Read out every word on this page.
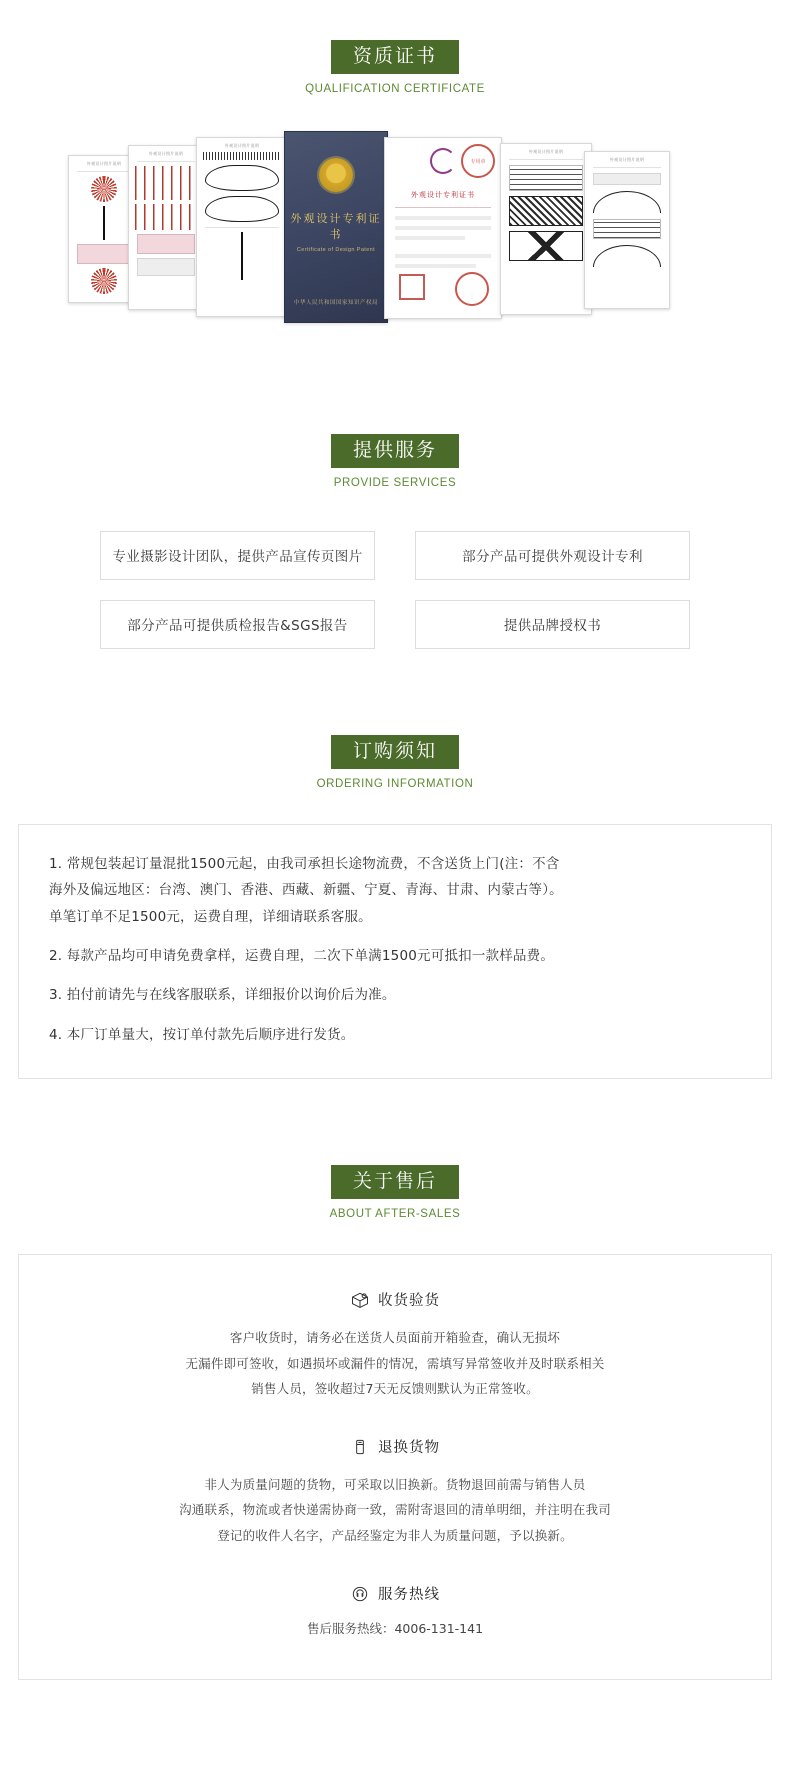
资质证书
QUALIFICATION CERTIFICATE
外观设计图片说明
外观设计图片说明
外观设计图片说明
外观设计专利证书
Certificate of Design Patent
中华人民共和国国家知识产权局
外观设计专利证书
专用章
外观设计图片说明
外观设计图片说明
提供服务
PROVIDE SERVICES
专业摄影设计团队，提供产品宣传页图片	部分产品可提供外观设计专利
部分产品可提供质检报告&SGS报告	提供品牌授权书
订购须知
ORDERING INFORMATION

1. 常规包装起订量混批1500元起，由我司承担长途物流费，不含送货上门(注：不含

海外及偏远地区：台湾、澳门、香港、西藏、新疆、宁夏、青海、甘肃、内蒙古等）。

单笔订单不足1500元，运费自理，详细请联系客服。

2. 每款产品均可申请免费拿样，运费自理，二次下单满1500元可抵扣一款样品费。

3. 拍付前请先与在线客服联系，详细报价以询价后为准。

4. 本厂订单量大，按订单付款先后顺序进行发货。

关于售后
ABOUT AFTER-SALES
收货验货
客户收货时，请务必在送货人员面前开箱验查，确认无损坏
无漏件即可签收，如遇损坏或漏件的情况，需填写异常签收并及时联系相关
销售人员，签收超过7天无反馈则默认为正常签收。
退换货物
非人为质量问题的货物，可采取以旧换新。货物退回前需与销售人员
沟通联系，物流或者快递需协商一致，需附寄退回的清单明细，并注明在我司
登记的收件人名字，产品经鉴定为非人为质量问题，予以换新。
服务热线
售后服务热线：4006-131-141
